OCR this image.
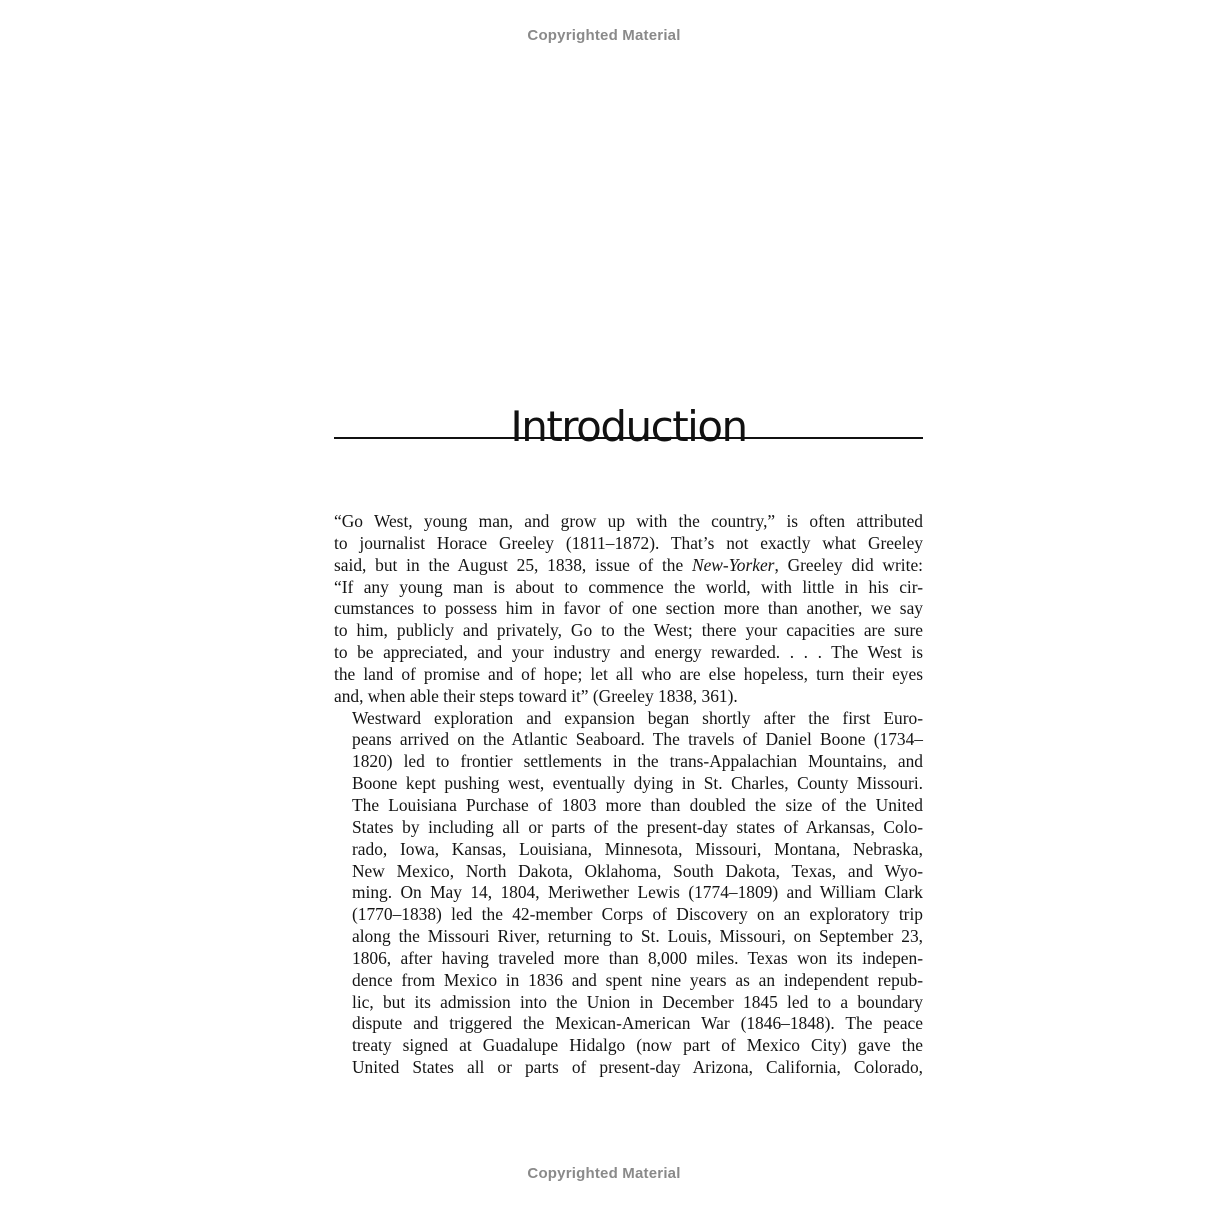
Copyrighted Material
Introduction

“Go West, young man, and grow up with the country,” is often attributed
to journalist Horace Greeley (1811–1872). That’s not exactly what Greeley
said, but in the August 25, 1838, issue of the New-Yorker, Greeley did write:
“If any young man is about to commence the world, with little in his cir-
cumstances to possess him in favor of one section more than another, we say
to him, publicly and privately, Go to the West; there your capacities are sure
to be appreciated, and your industry and energy rewarded. . . . The West is
the land of promise and of hope; let all who are else hopeless, turn their eyes
and, when able their steps toward it” (Greeley 1838, 361).

Westward exploration and expansion began shortly after the first Euro-
peans arrived on the Atlantic Seaboard. The travels of Daniel Boone (1734–
1820) led to frontier settlements in the trans-Appalachian Mountains, and
Boone kept pushing west, eventually dying in St. Charles, County Missouri.
The Louisiana Purchase of 1803 more than doubled the size of the United
States by including all or parts of the present-day states of Arkansas, Colo-
rado, Iowa, Kansas, Louisiana, Minnesota, Missouri, Montana, Nebraska,
New Mexico, North Dakota, Oklahoma, South Dakota, Texas, and Wyo-
ming. On May 14, 1804, Meriwether Lewis (1774–1809) and William Clark
(1770–1838) led the 42-member Corps of Discovery on an exploratory trip
along the Missouri River, returning to St. Louis, Missouri, on September 23,
1806, after having traveled more than 8,000 miles. Texas won its indepen-
dence from Mexico in 1836 and spent nine years as an independent repub-
lic, but its admission into the Union in December 1845 led to a boundary
dispute and triggered the Mexican-American War (1846–1848). The peace
treaty signed at Guadalupe Hidalgo (now part of Mexico City) gave the
United States all or parts of present-day Arizona, California, Colorado,

Copyrighted Material
